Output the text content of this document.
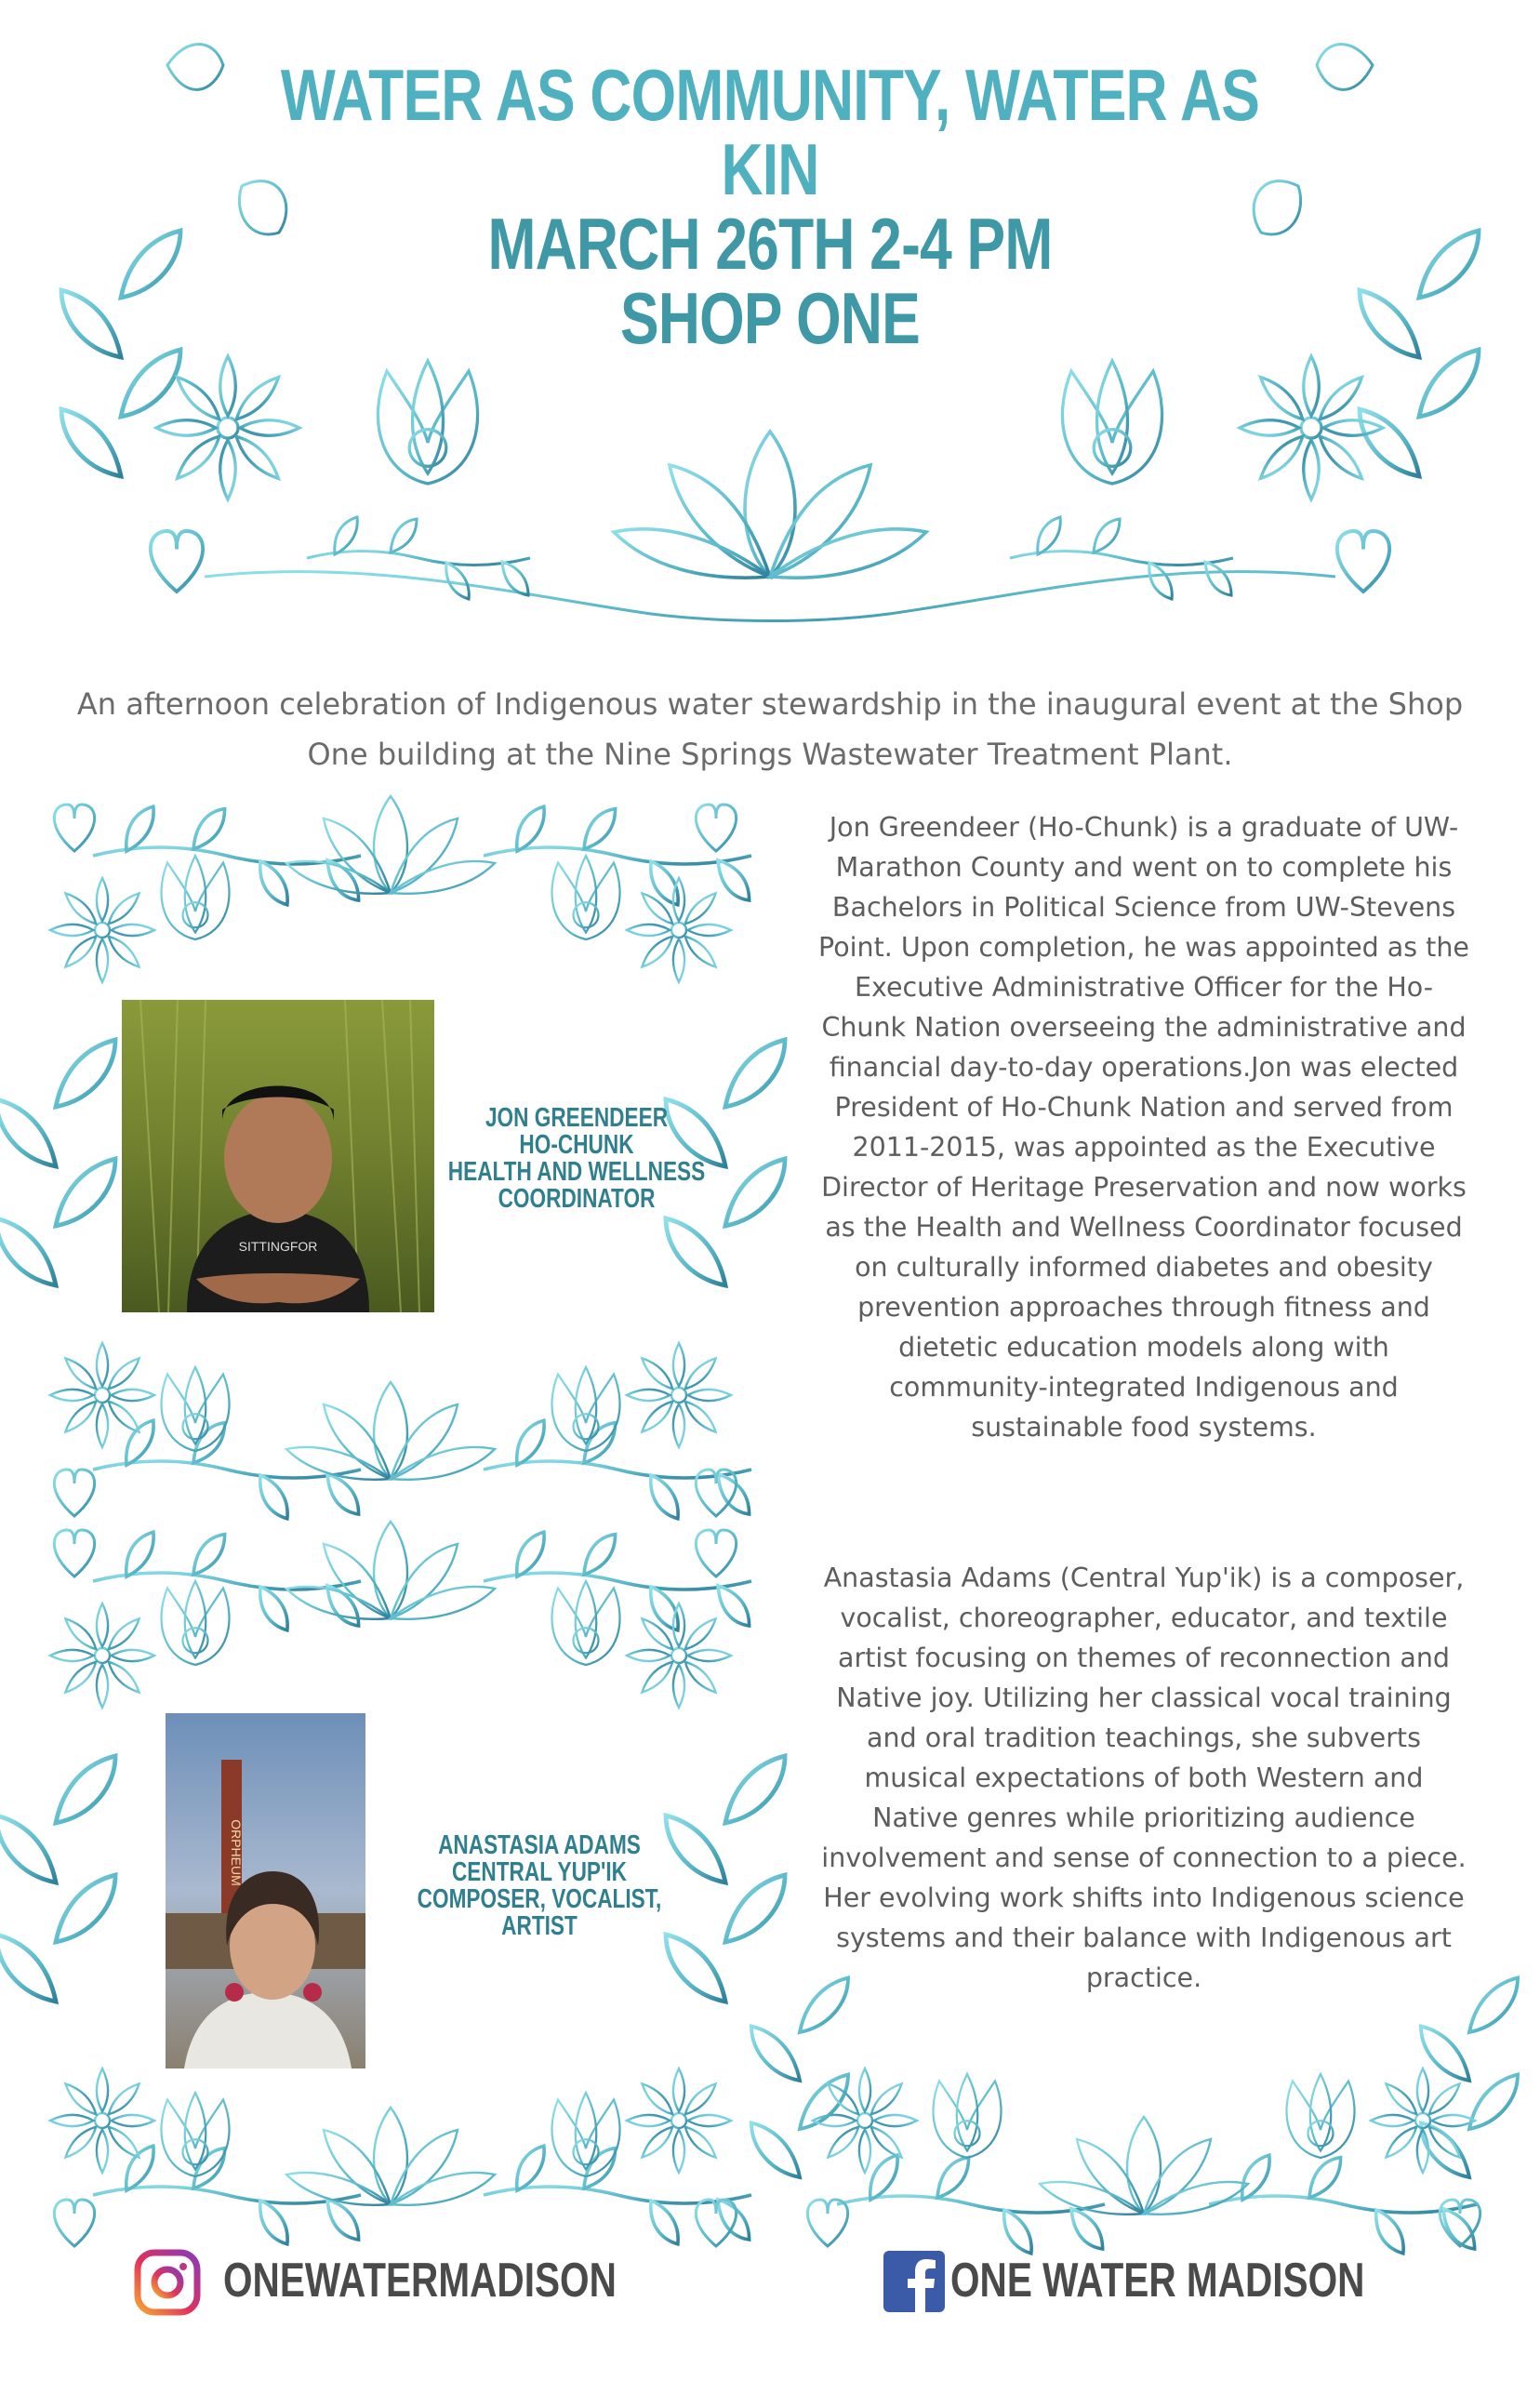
WATER AS COMMUNITY, WATER AS KIN
MARCH 26TH 2-4 PM
SHOP ONE
An afternoon celebration of Indigenous water stewardship in the inaugural event at the Shop One building at the Nine Springs Wastewater Treatment Plant.
SITTINGFOR
JON GREENDEER
HO-CHUNK
HEALTH AND WELLNESS
COORDINATOR
ORPHEUM	ANASTASIA ADAMS
CENTRAL YUP'IK
COMPOSER, VOCALIST,
ARTIST
Jon Greendeer (Ho-Chunk) is a graduate of UW-Marathon County and went on to complete his Bachelors in Political Science from UW-Stevens Point. Upon completion, he was appointed as the Executive Administrative Officer for the Ho-Chunk Nation overseeing the administrative and financial day-to-day operations.Jon was elected President of Ho-Chunk Nation and served from 2011-2015, was appointed as the Executive Director of Heritage Preservation and now works as the Health and Wellness Coordinator focused on culturally informed diabetes and obesity prevention approaches through fitness and dietetic education models along with community-integrated Indigenous and sustainable food systems.
Anastasia Adams (Central Yup'ik) is a composer, vocalist, choreographer, educator, and textile artist focusing on themes of reconnection and Native joy. Utilizing her classical vocal training and oral tradition teachings, she subverts musical expectations of both Western and Native genres while prioritizing audience involvement and sense of connection to a piece. Her evolving work shifts into Indigenous science systems and their balance with Indigenous art practice.
ONEWATERMADISON	ONE WATER MADISON
